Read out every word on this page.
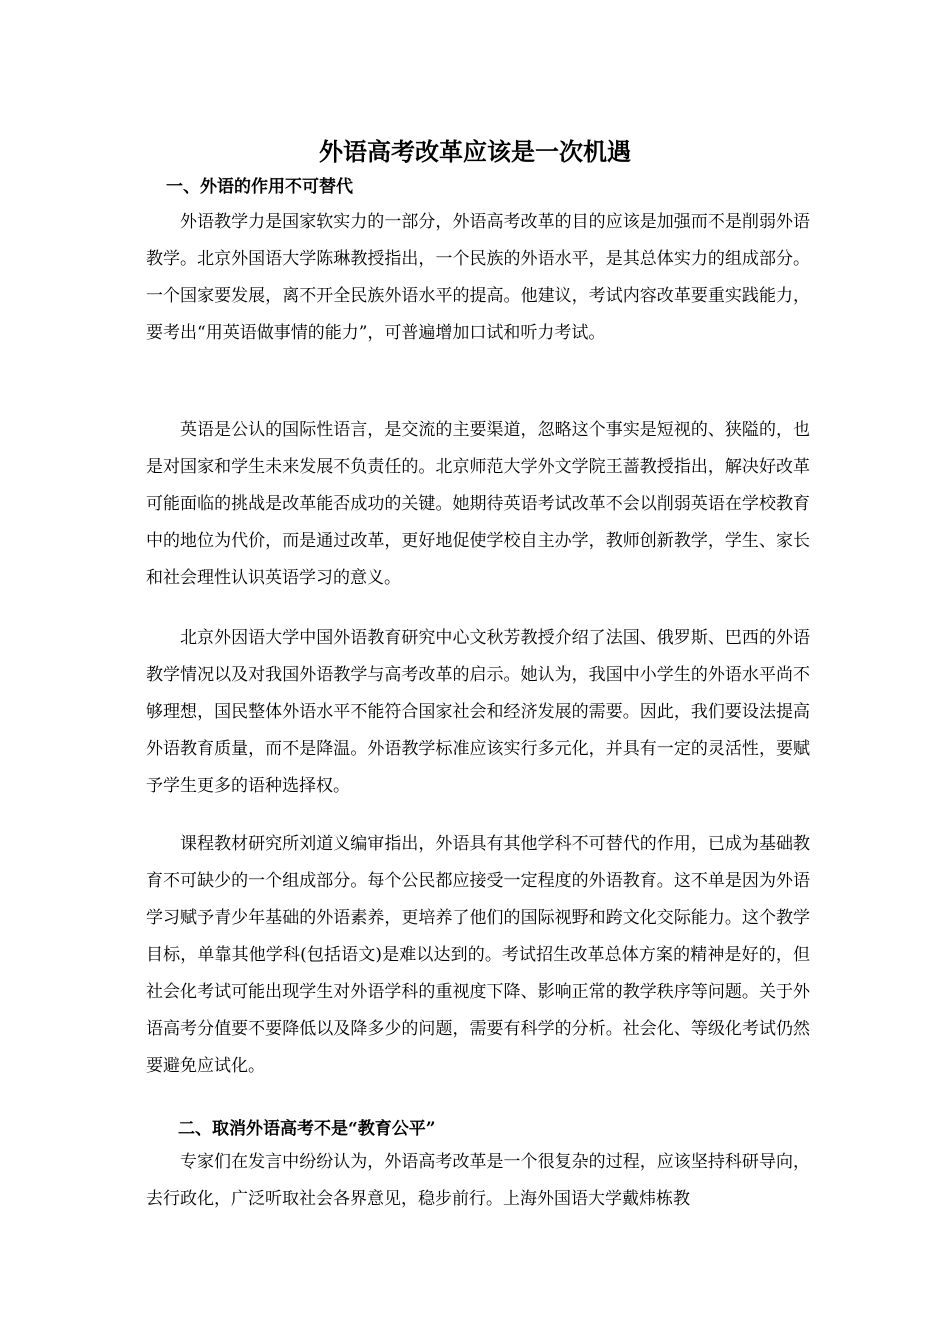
外语高考改革应该是一次机遇
一、外语的作用不可替代

外语教学力是国家软实力的一部分，外语高考改革的目的应该是加强而不是削弱外语教学。北京外国语大学陈琳教授指出，一个民族的外语水平，是其总体实力的组成部分。一个国家要发展，离不开全民族外语水平的提高。他建议，考试内容改革要重实践能力，要考出“用英语做事情的能力”，可普遍增加口试和听力考试。

英语是公认的国际性语言，是交流的主要渠道，忽略这个事实是短视的、狭隘的，也是对国家和学生未来发展不负责任的。北京师范大学外文学院王蔷教授指出，解决好改革可能面临的挑战是改革能否成功的关键。她期待英语考试改革不会以削弱英语在学校教育中的地位为代价，而是通过改革，更好地促使学校自主办学，教师创新教学，学生、家长和社会理性认识英语学习的意义。

北京外因语大学中国外语教育研究中心文秋芳教授介绍了法国、俄罗斯、巴西的外语教学情况以及对我国外语教学与高考改革的启示。她认为，我国中小学生的外语水平尚不够理想，国民整体外语水平不能符合国家社会和经济发展的需要。因此，我们要设法提高外语教育质量，而不是降温。外语教学标准应该实行多元化，并具有一定的灵活性，要赋予学生更多的语种选择权。

课程教材研究所刘道义编审指出，外语具有其他学科不可替代的作用，已成为基础教育不可缺少的一个组成部分。每个公民都应接受一定程度的外语教育。这不单是因为外语学习赋予青少年基础的外语素养，更培养了他们的国际视野和跨文化交际能力。这个教学目标，单靠其他学科(包括语文)是难以达到的。考试招生改革总体方案的精神是好的，但社会化考试可能出现学生对外语学科的重视度下降、影响正常的教学秩序等问题。关于外语高考分值要不要降低以及降多少的问题，需要有科学的分析。社会化、等级化考试仍然要避免应试化。

二、取消外语高考不是“教育公平”

专家们在发言中纷纷认为，外语高考改革是一个很复杂的过程，应该坚持科研导向，去行政化，广泛听取社会各界意见，稳步前行。上海外国语大学戴炜栋教
